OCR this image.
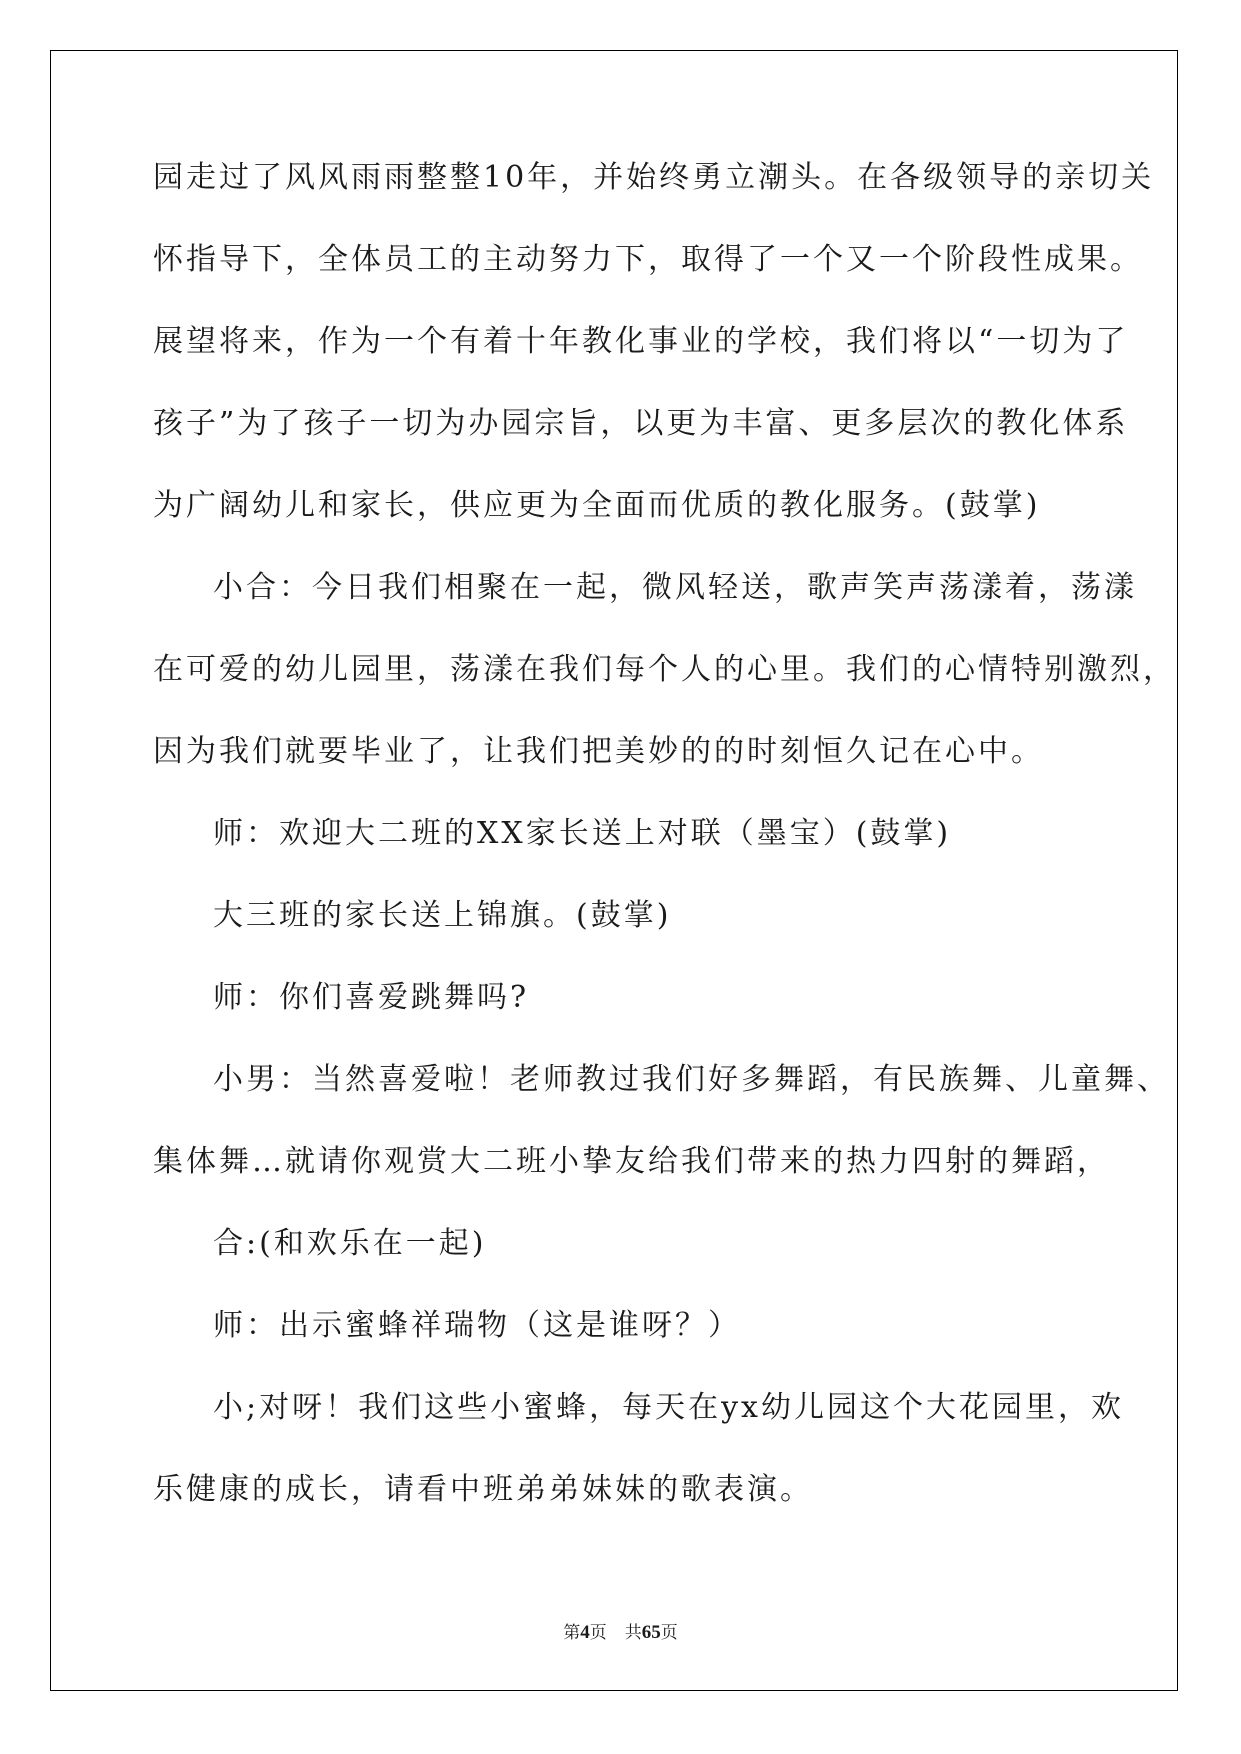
园走过了风风雨雨整整10年，并始终勇立潮头。在各级领导的亲切关
怀指导下，全体员工的主动努力下，取得了一个又一个阶段性成果。
展望将来，作为一个有着十年教化事业的学校，我们将以“一切为了
孩子”为了孩子一切为办园宗旨，以更为丰富、更多层次的教化体系
为广阔幼儿和家长，供应更为全面而优质的教化服务。(鼓掌)
小合：今日我们相聚在一起，微风轻送，歌声笑声荡漾着，荡漾
在可爱的幼儿园里，荡漾在我们每个人的心里。我们的心情特别激烈，
因为我们就要毕业了，让我们把美妙的的时刻恒久记在心中。
师：欢迎大二班的XX家长送上对联（墨宝）(鼓掌)
大三班的家长送上锦旗。(鼓掌)
师：你们喜爱跳舞吗?
小男：当然喜爱啦！老师教过我们好多舞蹈，有民族舞、儿童舞、
集体舞…就请你观赏大二班小挚友给我们带来的热力四射的舞蹈，
合:(和欢乐在一起)
师：出示蜜蜂祥瑞物（这是谁呀？）
小;对呀！我们这些小蜜蜂，每天在yx幼儿园这个大花园里，欢
乐健康的成长，请看中班弟弟妹妹的歌表演。
第4页 共65页
